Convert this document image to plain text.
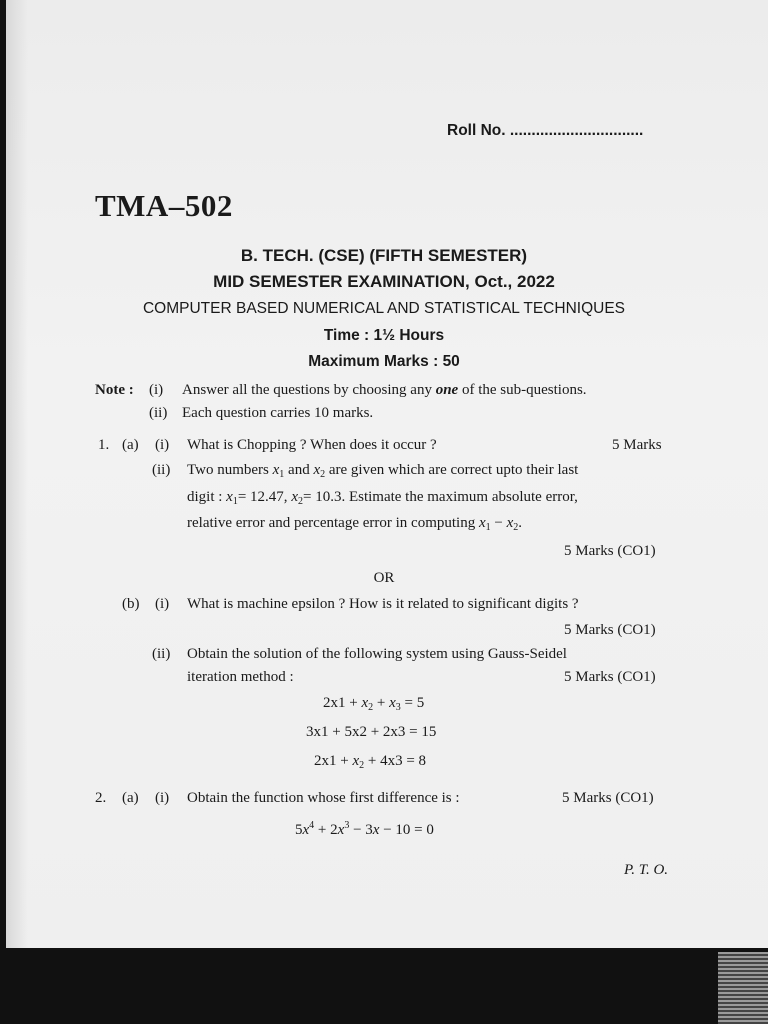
Roll No. ...............................
TMA–502
B. TECH. (CSE) (FIFTH SEMESTER)
MID SEMESTER EXAMINATION, Oct., 2022
COMPUTER BASED NUMERICAL AND STATISTICAL TECHNIQUES
Time : 1½ Hours
Maximum Marks : 50
Note : (i) Answer all the questions by choosing any one of the sub-questions.
(ii) Each question carries 10 marks.
1. (a) (i) What is Chopping ? When does it occur ?	5 Marks
(ii) Two numbers $x_1$ and $x_2$ are given which are correct upto their last
digit : $x_1= 12.47$, $x_2= 10.3$. Estimate the maximum absolute error,
relative error and percentage error in computing $x_1 - x_2$.
5 Marks (CO1)
OR
(b) (i) What is machine epsilon ? How is it related to significant digits ?
5 Marks (CO1)
(ii) Obtain the solution of the following system using Gauss-Seidel
iteration method :	5 Marks (CO1)
$2x1 + x_2 + x_3 = 5$
3x1 + 5x2 + 2x3 = 15
$2x1 + x_2 + 4x3 = 8$
2. (a) (i) Obtain the function whose first difference is :	5 Marks (CO1)
$5x^4 + 2x^3 - 3x - 10 = 0$
P. T. O.
